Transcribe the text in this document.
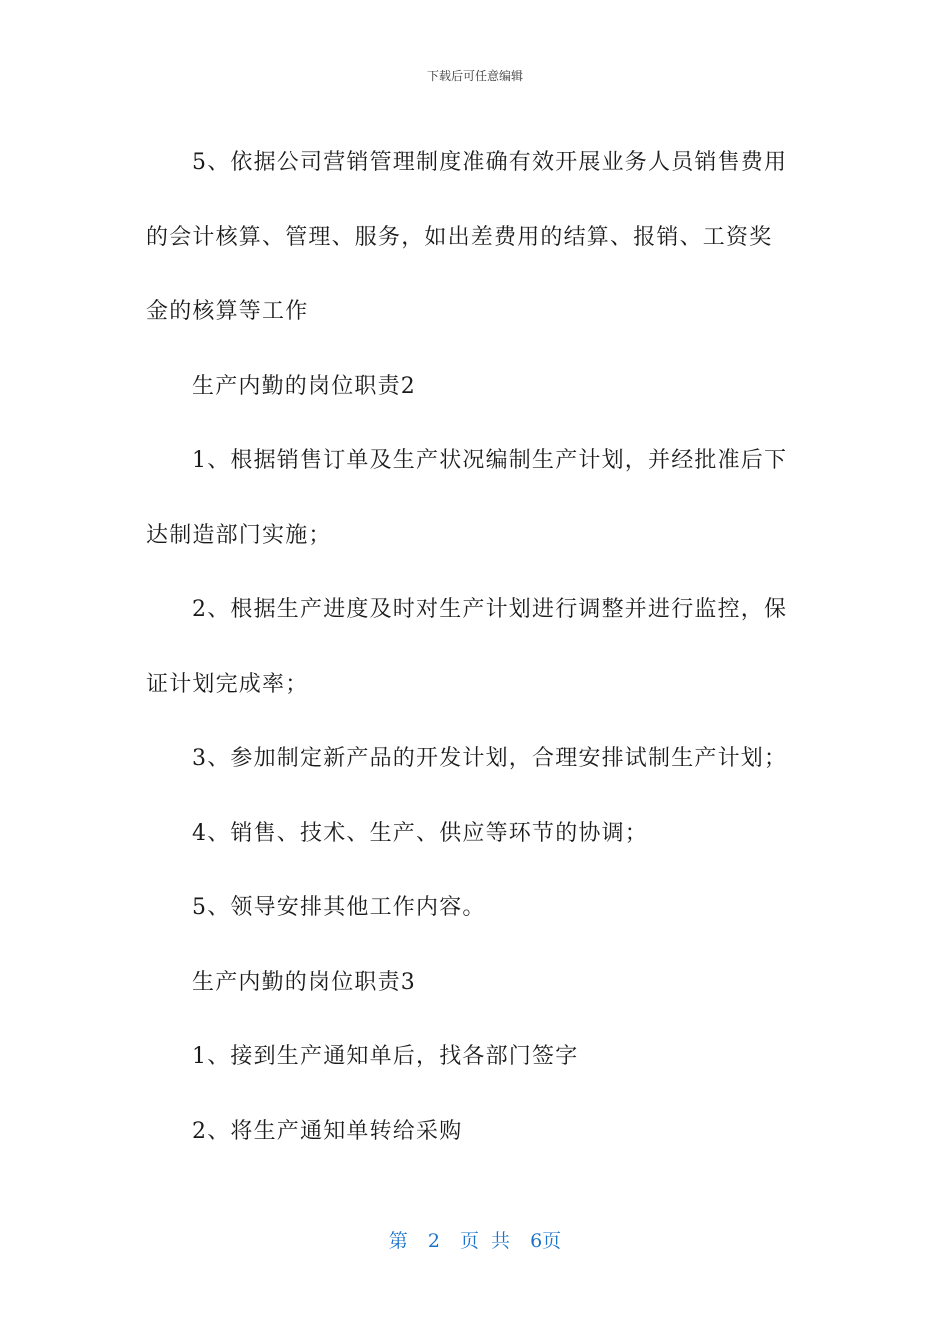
下载后可任意编辑
5、依据公司营销管理制度准确有效开展业务人员销售费用
的会计核算、管理、服务，如出差费用的结算、报销、工资奖
金的核算等工作
生产内勤的岗位职责2
1、根据销售订单及生产状况编制生产计划，并经批准后下
达制造部门实施；
2、根据生产进度及时对生产计划进行调整并进行监控，保
证计划完成率；
3、参加制定新产品的开发计划，合理安排试制生产计划；
4、销售、技术、生产、供应等环节的协调；
5、领导安排其他工作内容。
生产内勤的岗位职责3
1、接到生产通知单后，找各部门签字
2、将生产通知单转给采购
第 2 页 共 6页
